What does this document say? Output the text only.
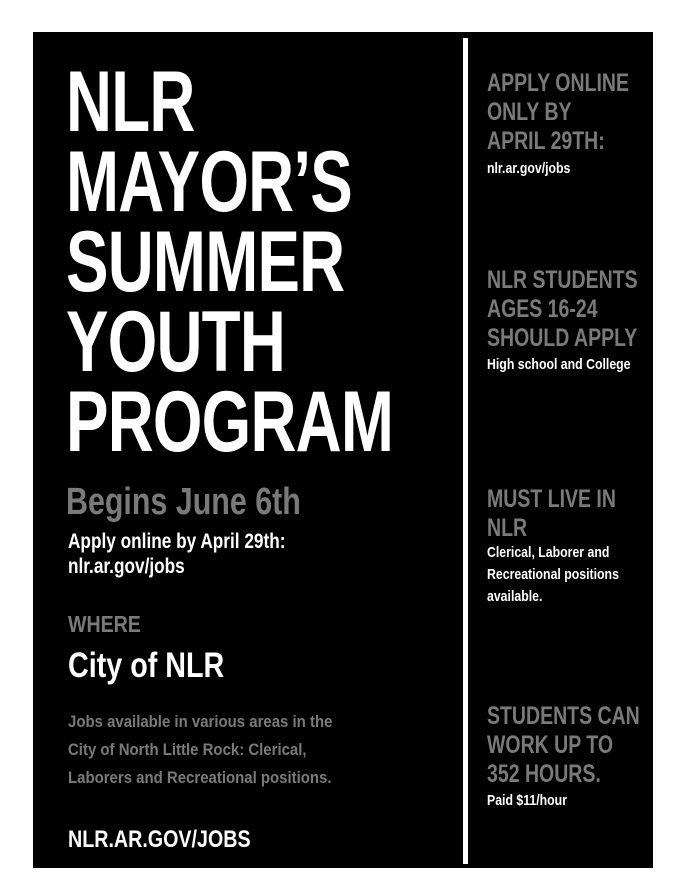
NLR
MAYOR’S
SUMMER
YOUTH
PROGRAM
Begins June 6th
Apply online by April 29th:
nlr.ar.gov/jobs
WHERE
City of NLR
Jobs available in various areas in the
City of North Little Rock: Clerical,
Laborers and Recreational positions.
NLR.AR.GOV/JOBS
APPLY ONLINE
ONLY BY
APRIL 29TH:
nlr.ar.gov/jobs
NLR STUDENTS
AGES 16-24
SHOULD APPLY
High school and College
MUST LIVE IN
NLR
Clerical, Laborer and
Recreational positions
available.
STUDENTS CAN
WORK UP TO
352 HOURS.
Paid $11/hour
